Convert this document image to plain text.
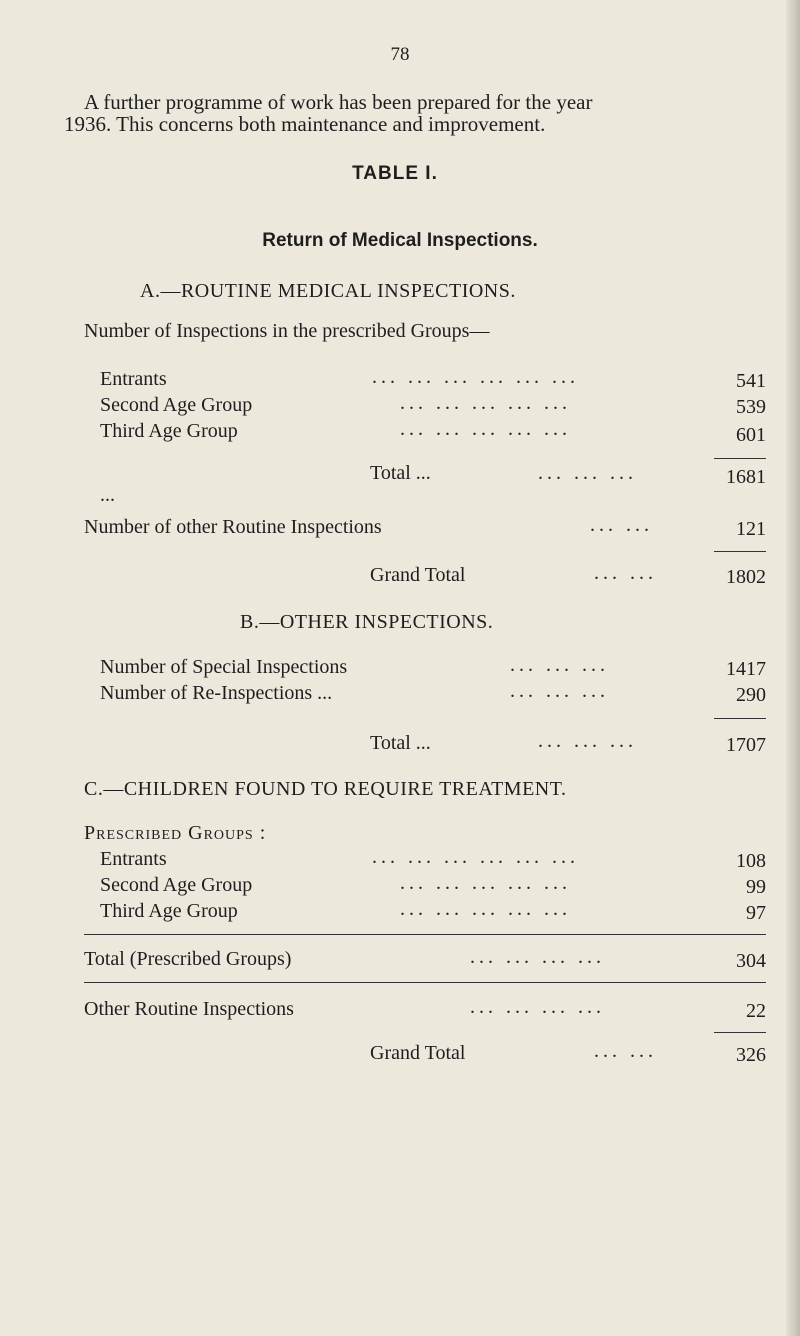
78
A further programme of work has been prepared for the year
1936. This concerns both maintenance and improvement.
TABLE I.
Return of Medical Inspections.
A.—ROUTINE MEDICAL INSPECTIONS.
Number of Inspections in the prescribed Groups—
Entrants	... ... ... ... ... ...	541
Second Age Group	... ... ... ... ...	539
Third Age Group	... ... ... ... ...	601
Total ...	... ... ...	1681
...
Number of other Routine Inspections	... ...	121
Grand Total	... ...	1802
B.—OTHER INSPECTIONS.
Number of Special Inspections	... ... ...	1417
Number of Re-Inspections ...	... ... ...	290
Total ...	... ... ...	1707
C.—CHILDREN FOUND TO REQUIRE TREATMENT.
Prescribed Groups :
Entrants	... ... ... ... ... ...	108
Second Age Group	... ... ... ... ...	99
Third Age Group	... ... ... ... ...	97
Total (Prescribed Groups)	... ... ... ...	304
Other Routine Inspections	... ... ... ...	22
Grand Total	... ...	326
